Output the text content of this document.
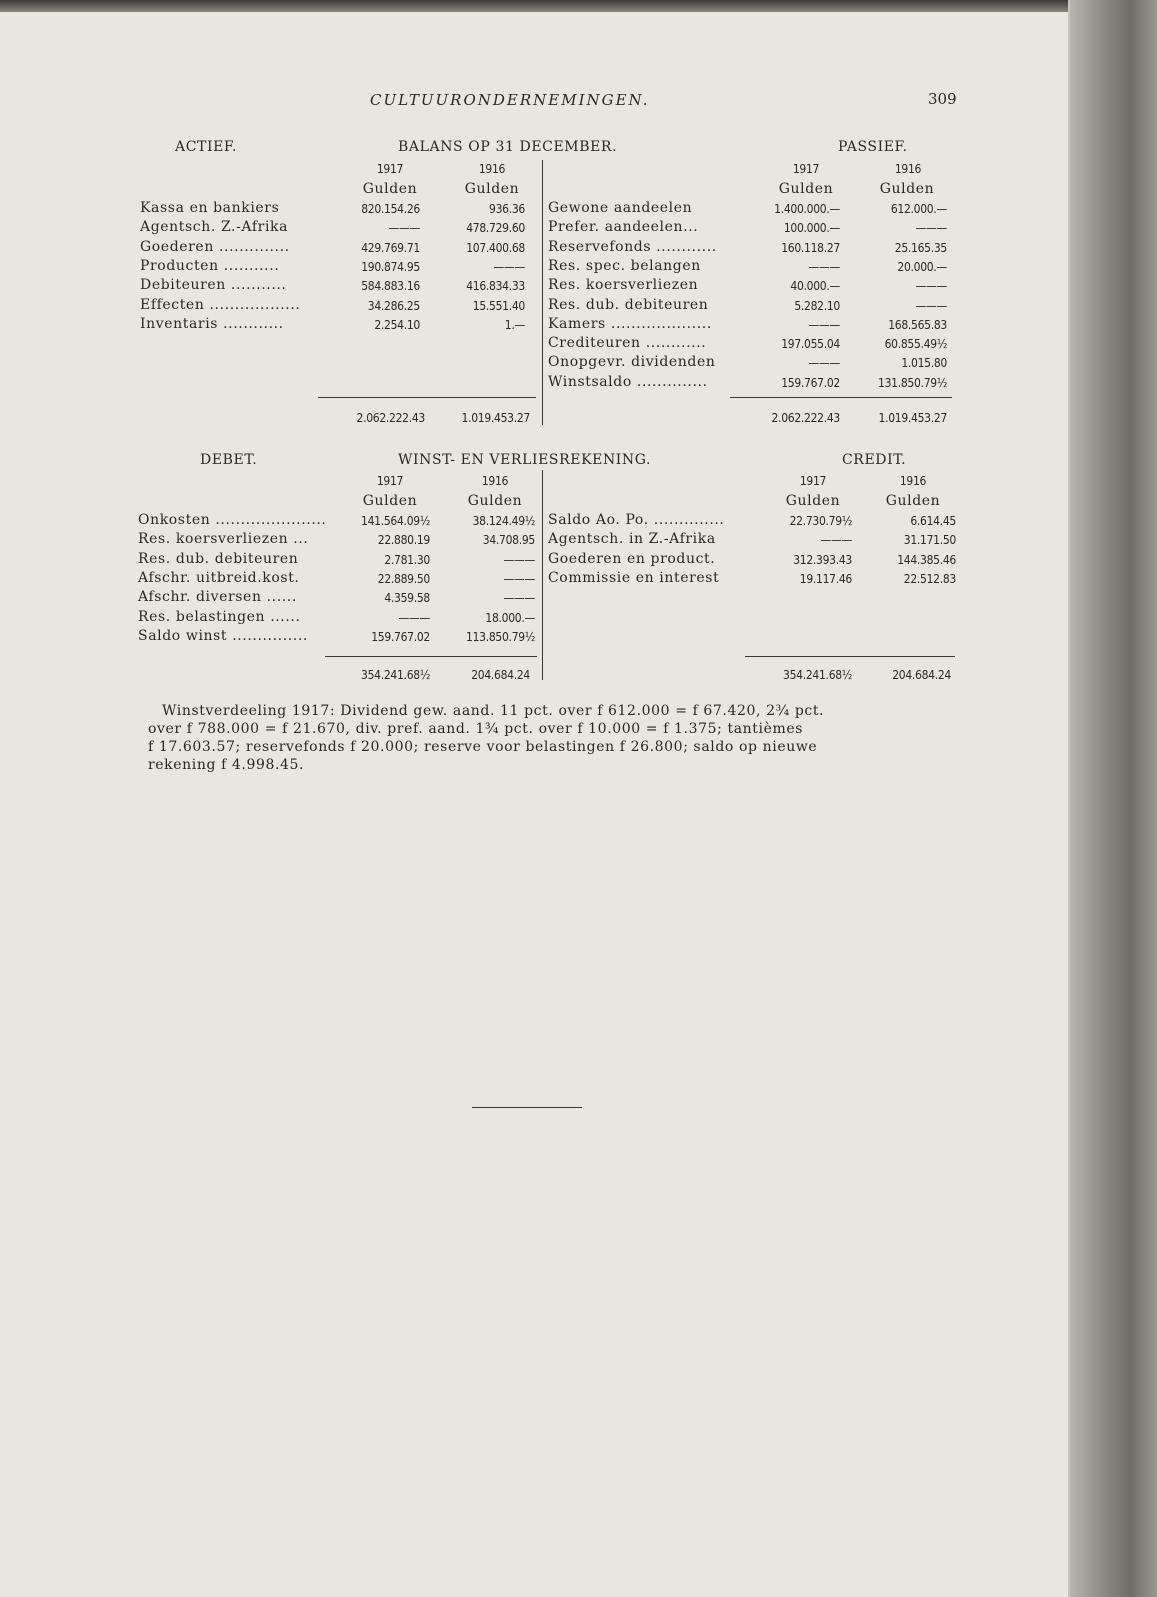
CULTUURONDERNEMINGEN.	309
ACTIEF.	BALANS OP 31 DECEMBER.	PASSIEF.
1917	1916	1917	1916
Gulden	Gulden	Gulden	Gulden
Kassa en bankiers	820.154.26	936.36
Agentsch. Z.-Afrika	———	478.729.60
Goederen ..............	429.769.71	107.400.68
Producten ...........	190.874.95	———
Debiteuren ...........	584.883.16	416.834.33
Effecten ..................	34.286.25	15.551.40
Inventaris ............	2.254.10	1.—
Gewone aandeelen	1.400.000.—	612.000.—
Prefer. aandeelen...	100.000.—	———
Reservefonds ............	160.118.27	25.165.35
Res. spec. belangen	———	20.000.—
Res. koersverliezen	40.000.—	———
Res. dub. debiteuren	5.282.10	———
Kamers ....................	———	168.565.83
Crediteuren ............	197.055.04	60.855.49½
Onopgevr. dividenden	———	1.015.80
Winstsaldo ..............	159.767.02	131.850.79½
2.062.222.43	1.019.453.27	2.062.222.43	1.019.453.27
DEBET.	WINST- EN VERLIESREKENING.	CREDIT.
1917	1916	1917	1916
Gulden	Gulden	Gulden	Gulden
Onkosten ......................	141.564.09½	38.124.49½
Res. koersverliezen ...	22.880.19	34.708.95
Res. dub. debiteuren	2.781.30	———
Afschr. uitbreid.kost.	22.889.50	———
Afschr. diversen ......	4.359.58	———
Res. belastingen ......	———	18.000.—
Saldo winst ...............	159.767.02	113.850.79½
Saldo Ao. Po. ..............	22.730.79½	6.614.45
Agentsch. in Z.-Afrika	———	31.171.50
Goederen en product.	312.393.43	144.385.46
Commissie en interest	19.117.46	22.512.83
354.241.68½	204.684.24	354.241.68½	204.684.24
Winstverdeeling 1917: Dividend gew. aand. 11 pct. over f 612.000 = f 67.420, 2¾ pct.
over f 788.000 = f 21.670, div. pref. aand. 1¾ pct. over f 10.000 = f 1.375; tantièmes
f 17.603.57; reservefonds f 20.000; reserve voor belastingen f 26.800; saldo op nieuwe
rekening f 4.998.45.
